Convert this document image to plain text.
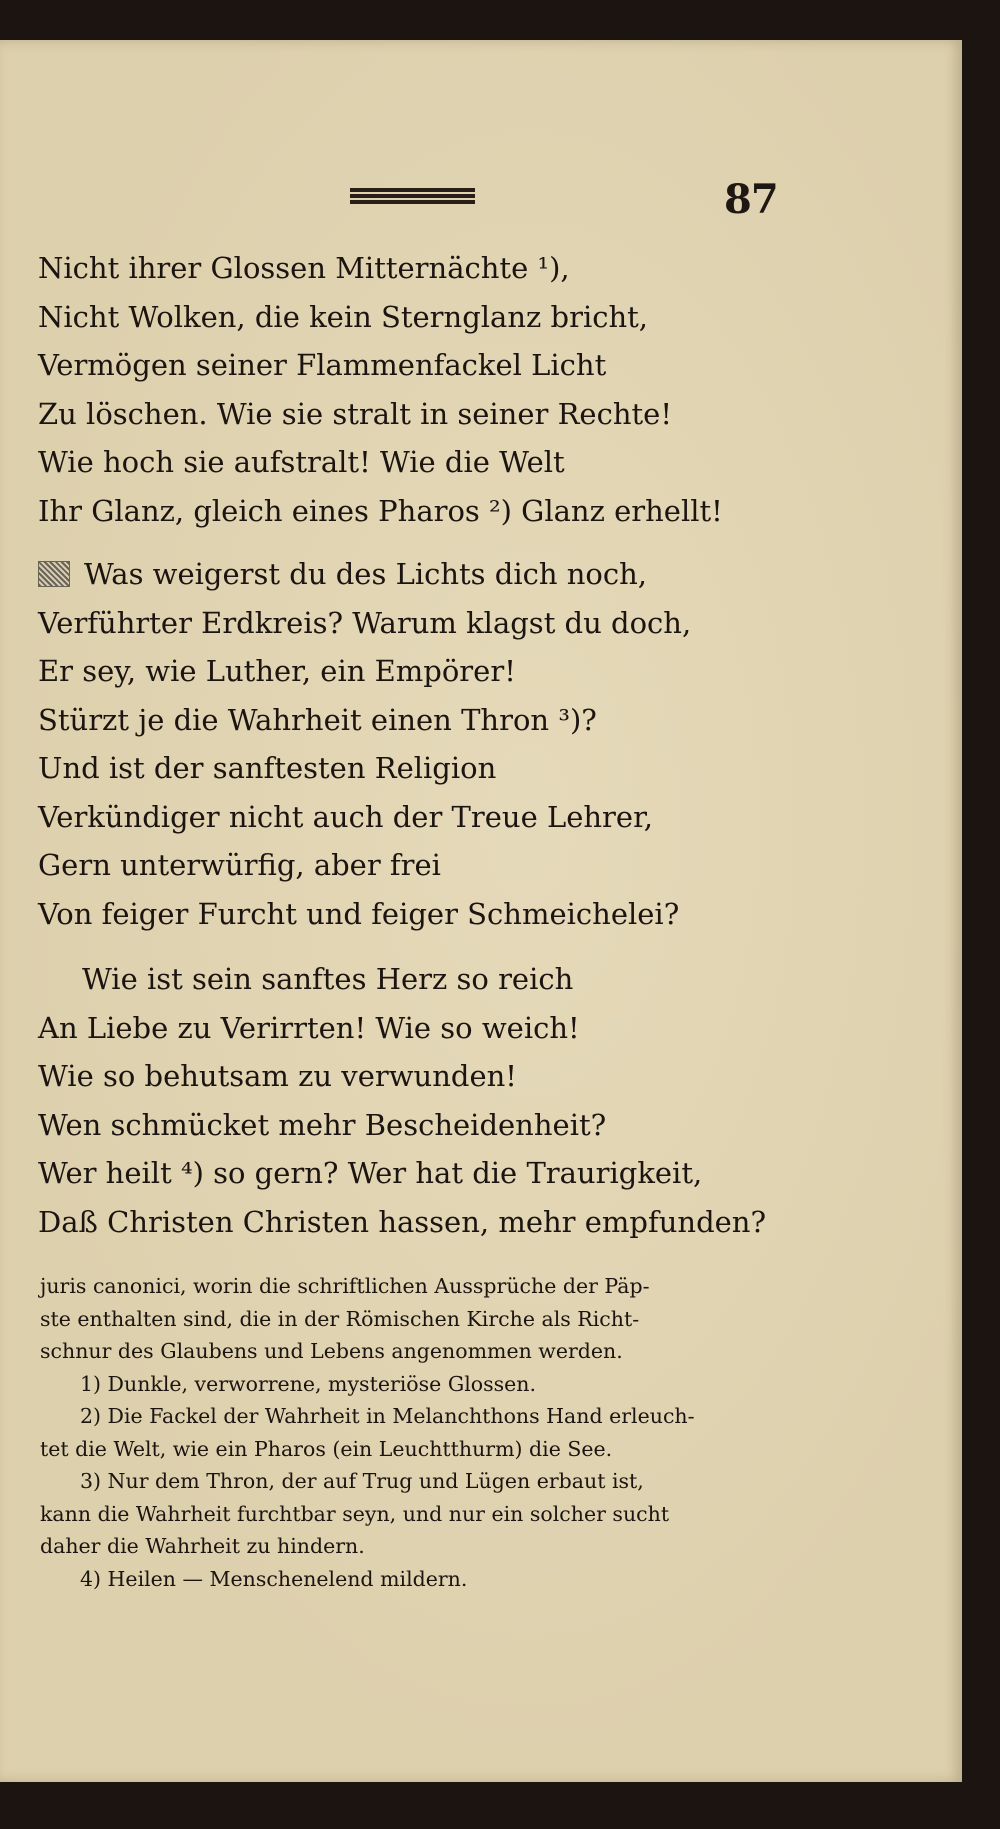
87
Nicht ihrer Glossen Mitternächte ¹),
Nicht Wolken, die kein Sternglanz bricht,
Vermögen seiner Flammenfackel Licht
Zu löschen. Wie sie stralt in seiner Rechte!
Wie hoch sie aufstralt! Wie die Welt
Ihr Glanz, gleich eines Pharos ²) Glanz erhellt!
Was weigerst du des Lichts dich noch,
Verführter Erdkreis? Warum klagst du doch,
Er sey, wie Luther, ein Empörer!
Stürzt je die Wahrheit einen Thron ³)?
Und ist der sanftesten Religion
Verkündiger nicht auch der Treue Lehrer,
Gern unterwürfig, aber frei
Von feiger Furcht und feiger Schmeichelei?
Wie ist sein sanftes Herz so reich
An Liebe zu Verirrten! Wie so weich!
Wie so behutsam zu verwunden!
Wen schmücket mehr Bescheidenheit?
Wer heilt ⁴) so gern? Wer hat die Traurigkeit,
Daß Christen Christen hassen, mehr empfunden?
juris canonici, worin die schriftlichen Aussprüche der Päp-
ste enthalten sind, die in der Römischen Kirche als Richt-
schnur des Glaubens und Lebens angenommen werden.
1) Dunkle, verworrene, mysteriöse Glossen.
2) Die Fackel der Wahrheit in Melanchthons Hand erleuch-
tet die Welt, wie ein Pharos (ein Leuchtthurm) die See.
3) Nur dem Thron, der auf Trug und Lügen erbaut ist,
kann die Wahrheit furchtbar seyn, und nur ein solcher sucht
daher die Wahrheit zu hindern.
4) Heilen — Menschenelend mildern.
